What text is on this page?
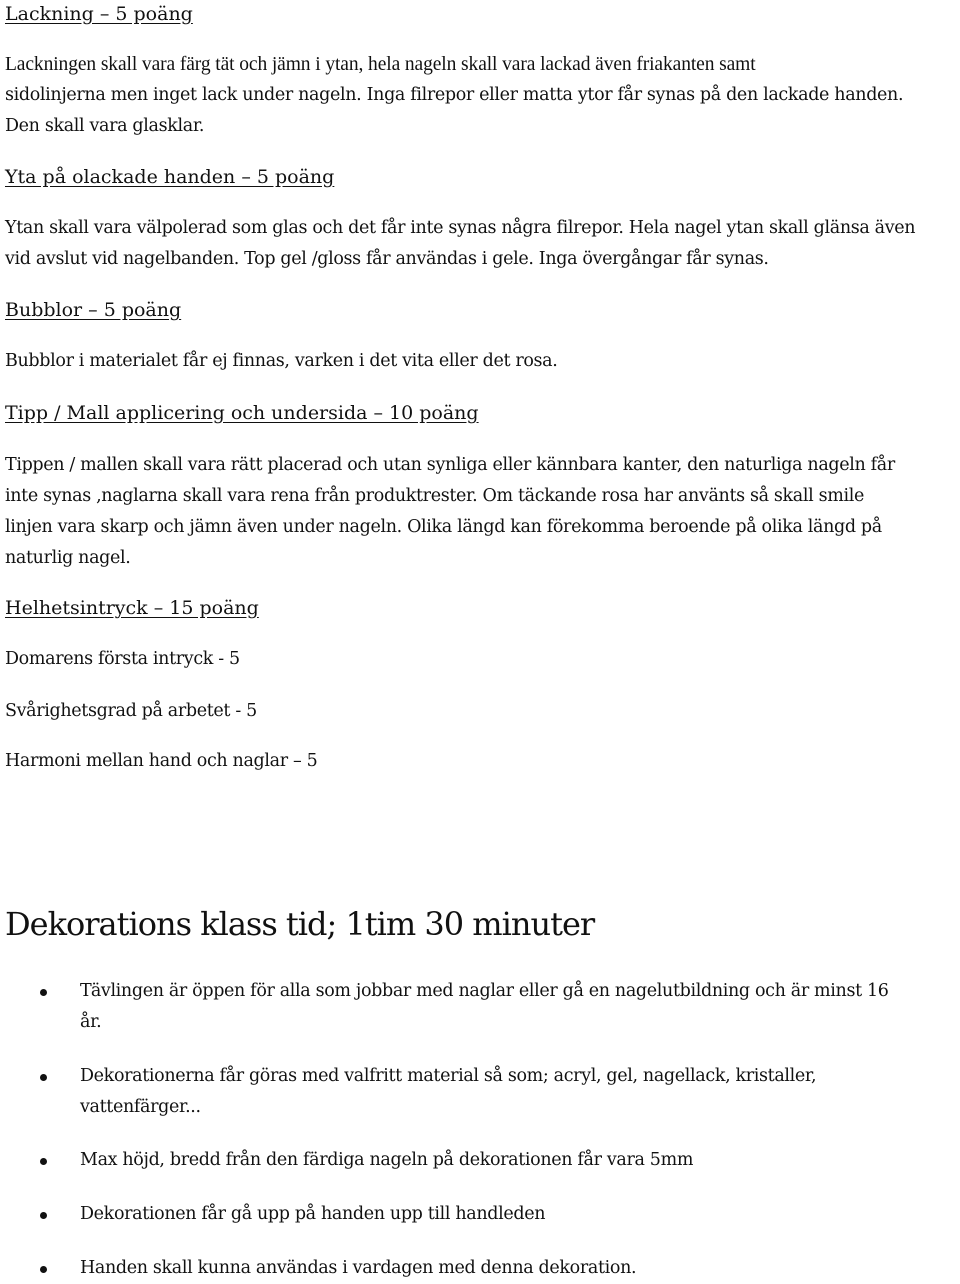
Lackning – 5 poäng
Lackningen skall vara färg tät och jämn i ytan, hela nageln skall vara lackad även friakanten samt
sidolinjerna men inget lack under nageln. Inga filrepor eller matta ytor får synas på den lackade handen.
Den skall vara glasklar.
Yta på olackade handen – 5 poäng
Ytan skall vara välpolerad som glas och det får inte synas några filrepor. Hela nagel ytan skall glänsa även
vid avslut vid nagelbanden. Top gel /gloss får användas i gele. Inga övergångar får synas.
Bubblor – 5 poäng
Bubblor i materialet får ej finnas, varken i det vita eller det rosa.
Tipp / Mall applicering och undersida – 10 poäng
Tippen / mallen skall vara rätt placerad och utan synliga eller kännbara kanter, den naturliga nageln får
inte synas ,naglarna skall vara rena från produktrester. Om täckande rosa har använts så skall smile
linjen vara skarp och jämn även under nageln. Olika längd kan förekomma beroende på olika längd på
naturlig nagel.
Helhetsintryck – 15 poäng
Domarens första intryck - 5
Svårighetsgrad på arbetet - 5
Harmoni mellan hand och naglar – 5
Dekorations klass tid; 1tim 30 minuter
Tävlingen är öppen för alla som jobbar med naglar eller gå en nagelutbildning och är minst 16
år.
Dekorationerna får göras med valfritt material så som; acryl, gel, nagellack, kristaller,
vattenfärger...
Max höjd, bredd från den färdiga nageln på dekorationen får vara 5mm
Dekorationen får gå upp på handen upp till handleden
Handen skall kunna användas i vardagen med denna dekoration.
